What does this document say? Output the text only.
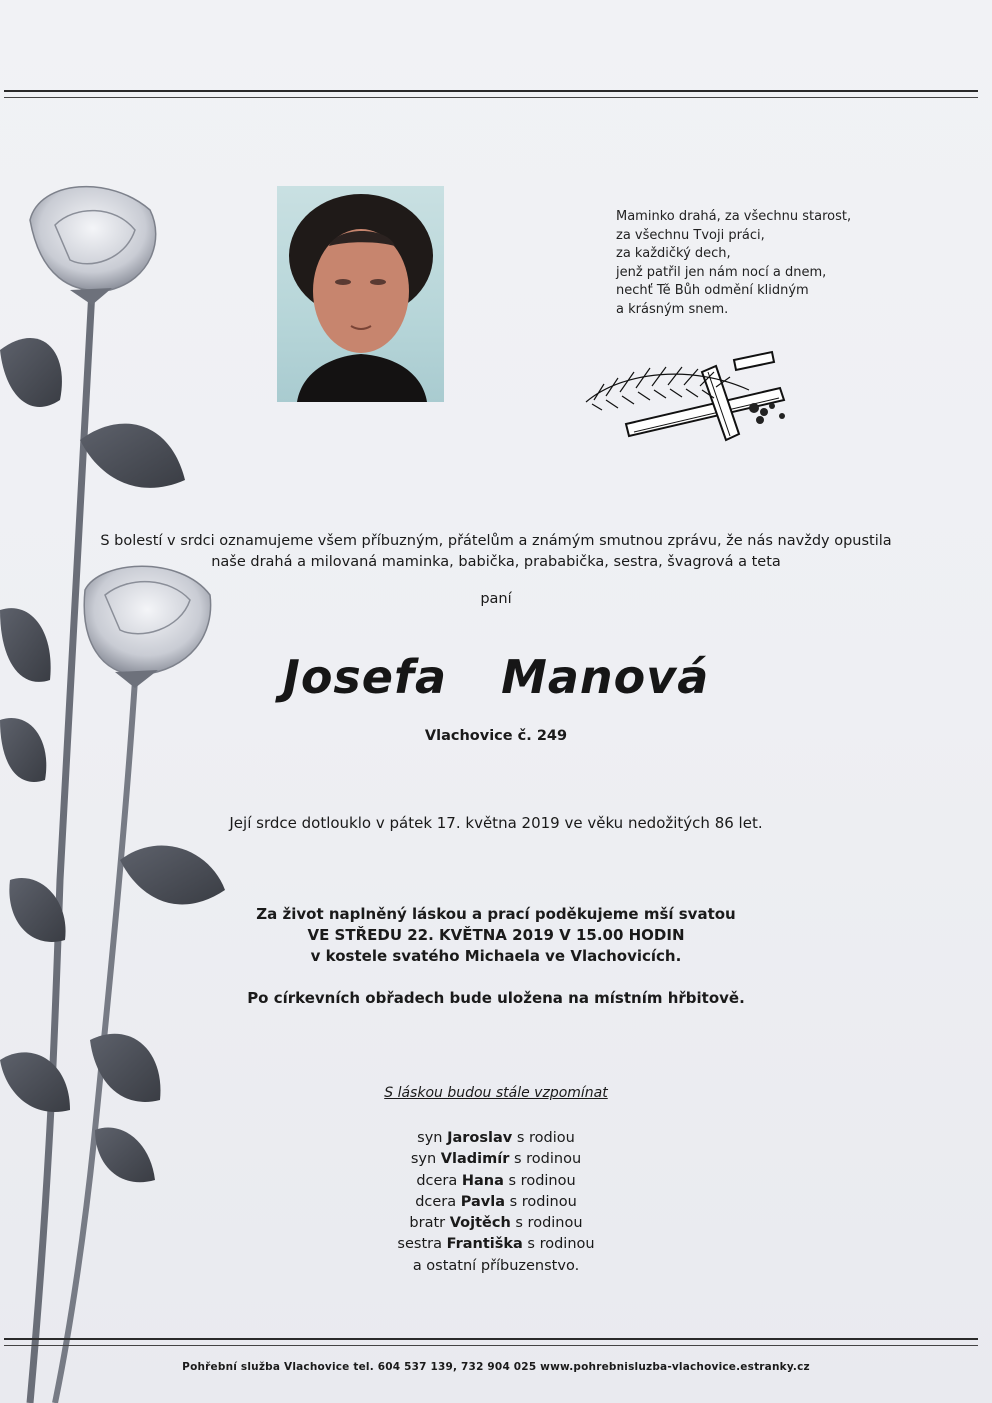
Maminko drahá, za všechnu starost,
za všechnu Tvoji práci,
za každičký dech,
jenž patřil jen nám nocí a dnem,
nechť Tě Bůh odmění klidným
a krásným snem.
S bolestí v srdci oznamujeme všem příbuzným, přátelům a známým smutnou zprávu, že nás navždy opustila
naše drahá a milovaná maminka, babička, prababička, sestra, švagrová a teta
paní
Josefa  Manová
Vlachovice č. 249
Její srdce dotlouklo v pátek 17. května 2019 ve věku nedožitých 86 let.
Za život naplněný láskou a prací poděkujeme mší svatou
VE STŘEDU 22. KVĚTNA 2019 V 15.00 HODIN
v kostele svatého Michaela ve Vlachovicích.
Po církevních obřadech bude uložena na místním hřbitově.
S láskou budou stále vzpomínat
syn Jaroslav s rodiou
syn Vladimír s rodinou
dcera Hana s rodinou
dcera Pavla s rodinou
bratr Vojtěch s rodinou
sestra Františka s rodinou
a ostatní příbuzenstvo.
Pohřební služba Vlachovice tel. 604 537 139, 732 904 025 www.pohrebnisluzba-vlachovice.estranky.cz
